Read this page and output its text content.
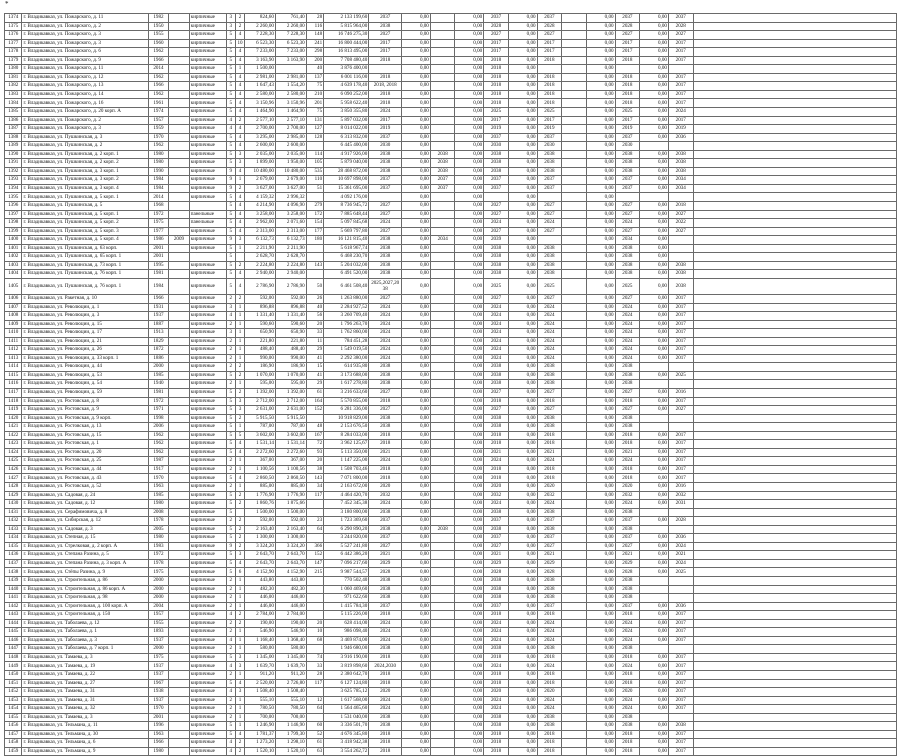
*
1374	г. Владикавказ, ул. Пожарского, д. 11	1982		кирпичные	3	2	824,60	761,40	28	2 133 199,60	2037	0,00		0,00	2037	0,00	2037		0,00	2037	0,00	2037	
1375	г. Владикавказ, ул. Пожарского, д. 2	1950		кирпичные	3	2	2 260,00	2 260,00	116	5 815 964,00	2038	0,00		0,00	2028	0,00	2028		0,00	2028	0,00	2028	
1376	г. Владикавказ, ул. Пожарского, д. 3	1955		кирпичные	5	4	7 228,30	7 228,30	148	16 746 275,30	2027	0,00		0,00	2027	0,00	2027		0,00	2027	0,00	2027	
1377	г. Владикавказ, ул. Пожарского, д. 3	1960		кирпичные	5	10	6 523,30	6 523,30	241	16 800 444,00	2017	0,00		0,00	2017	0,00	2017		0,00	2017	0,00	2017	
1378	г. Владикавказ, ул. Пожарского, д. 6	1962		кирпичные	5	4	7 233,00	7 233,00	298	16 813 495,00	2017	0,00		0,00	2017	0,00	2017		0,00	2017	0,00	2017	
1379	г. Владикавказ, ул. Пожарского, д. 9	1966		кирпичные	5	4	3 163,90	3 163,90	200	7 708 480,40	2018	0,00		0,00	2018	0,00	2018		0,00	2018	0,00	2017	
1380	г. Владикавказ, ул. Пожарского, д. 11	2014		кирпичные	5	1	1 500,00		40	3 876 400,00		0,00		0,00	2018	0,00			0,00		0,00		
1381	г. Владикавказ, ул. Пожарского, д. 12	1962		кирпичные	5	4	2 981,00	2 981,00	137	6 001 116,00	2018	0,00		0,00	2018	0,00	2018		0,00	2018	0,00	2017	
1382	г. Владикавказ, ул. Пожарского, д. 13	1966		кирпичные	5	4	1 647,43	1 554,20	75	4 639 178,40	2018, 2018	0,00		0,00	2018	0,00	2018		0,00	2018	0,00	2017	
1383	г. Владикавказ, ул. Пожарского, д. 14	1962		кирпичные	5	4	2 580,00	2 580,00	210	6 090 252,00	2018	0,00		0,00	2018	0,00	2018		0,00	2018	0,00	2017	
1384	г. Владикавказ, ул. Пожарского, д. 16	1961		кирпичные	5	4	3 150,96	3 150,96	201	5 958 622,40	2018	0,00		0,00	2018	0,00	2018		0,00	2018	0,00	2017	
1385	г. Владикавказ, ул. Пожарского, д. 20 корп. А	1974		кирпичные	5	4	1 464,90	1 464,90	75	3 850 355,80	2024	0,00		0,00	2025	0,00	2025		0,00	2025	0,00	2024	
1386	г. Владикавказ, ул. Пожарского, д. 2	1957		кирпичные	4	2	2 577,10	2 577,10	131	5 897 032,00	2017	0,00		0,00	2017	0,00	2017		0,00	2017	0,00	2017	
1387	г. Владикавказ, ул. Пожарского, д. 3	1959		кирпичные	4	4	2 700,00	2 700,00	127	8 014 022,00	2019	0,00		0,00	2019	0,00	2019		0,00	2019	0,00	2019	
1388	г. Владикавказ, ул. Пушкинская, д. 3	1970		кирпичные	5	4	3 295,00	2 985,00	128	6 313 832,00	2037	0,00		0,00	2037	0,00	2037		0,00	2037	0,00	2036	
1389	г. Владикавказ, ул. Пушкинская, д. 2	1962		кирпичные	5	4	2 600,00	2 600,00		6 445 400,00	2030	0,00		0,00	2030	0,00	2030		0,00	2030			
1390	г. Владикавказ, ул. Пушкинская, д. 2 корп. 1	1980		кирпичные	5	3	2 035,00	2 035,00	114	4 917 926,00	2038	0,00	2038	0,00	2038	0,00	2038		0,00	2038	0,00	2038	
1391	г. Владикавказ, ул. Пушкинская, д. 2 корп. 2	1980		кирпичные	5	3	1 899,00	1 950,00	105	5 879 040,00	2038	0,00	2038	0,00	2038	0,00	2038		0,00	2038	0,00	2038	
1392	г. Владикавказ, ул. Пушкинская, д. 3 корп. 1	1990		кирпичные	9	4	10 480,00	10 480,00	535	28 468 872,00	2038	0,00	2038	0,00	2038	0,00	2038		0,00	2038	0,00	2038	
1393	г. Владикавказ, ул. Пушкинская, д. 3 корп. 2	1984		кирпичные	9	1	2 679,00	2 679,00	110	10 697 898,00	2037	0,00	2037	0,00	2037	0,00	2037		0,00	2037	0,00	2034	
1394	г. Владикавказ, ул. Пушкинская, д. 3 корп. 4	1984		кирпичные	9	2	3 627,00	3 627,00	51	15 361 695,00	2037	0,00	2037	0,00	2037	0,00	2037		0,00	2037	0,00	2034	
1395	г. Владикавказ, ул. Пушкинская, д. 5 корп. 1	2014		кирпичные	5	4	4 159,32	2 996,32		4 092 176,00		0,00		0,00		0,00			0,00				
1396	г. Владикавказ, ул. Пушкинская, д. 5	1968			5	4	4 214,90	4 096,90	279	8 736 945,72	2027	0,00		0,00	2027	0,00	2027		0,00	2027	0,00	2018	
1397	г. Владикавказ, ул. Пушкинская, д. 5 корп. 1	1972		панельные	5	4	3 258,00	3 258,00	172	7 885 648,44	2027	0,00		0,00	2027	0,00	2027		0,00	2027	0,00	2027	
1398	г. Владикавказ, ул. Пушкинская, д. 5 корп. 2	1975		панельные	5	4	2 962,00	2 071,60	154	5 097 845,68	2024	0,00		0,00	2024	0,00	2024		0,00	2024	0,00	2022	
1399	г. Владикавказ, ул. Пушкинская, д. 5 корп. 3	1977		кирпичные	5	4	2 313,00	2 313,00	177	5 669 797,80	2027	0,00		0,00	2027	0,00	2027		0,00	2027	0,00	2027	
1400	г. Владикавказ, ул. Пушкинская, д. 5 корп. 4	1986	2009	кирпичные	9	3	6 132,73	6 132,73	180	16 121 815,40	2038	0,00	2034	0,00	2039	0,00			0,00	2034	0,00		
1401	г. Владикавказ, ул. Пушкинская, д. 63 корп.	2001		кирпичные	5	1	2 211,90	2 211,90		5 618 967,74	2038	0,00		0,00	2038	0,00	2038		0,00	2038	0,00		
1402	г. Владикавказ, ул. Пушкинская, д. 65 корп. 1	2001			5		2 628,70	2 628,70		6 468 230,70	2038	0,00		0,00	2038	0,00	2038		0,00	2038	0,00		
1403	г. Владикавказ, ул. Пушкинская, д. 73 корп. 1	1995		кирпичные	5	2	2 224,80	2 224,80	143	5 204 032,00	2038	0,00		0,00	2038	0,00	2038		0,00	2038	0,00	2038	
1404	г. Владикавказ, ул. Пушкинская, д. 76 корп. 1	1981		кирпичные	5	4	2 940,00	2 940,00		6 491 520,00	2038	0,00		0,00	2038	0,00	2038		0,00	2038	0,00	2038	
1405	г. Владикавказ, ул. Пушкинская, д. 76 корп. 1	1984		кирпичные	5	4	2 786,90	2 786,90	50	6 461 508,40	2025,2027,20 38	0,00		0,00	2025	0,00	2025		0,00	2025	0,00	2038	
1406	г. Владикавказ, ул. Ракетная, д. 10	1966		кирпичные	2	2	592,00	592,00	26	1 263 880,00	2027	0,00		0,00	2027	0,00	2027		0,00	2027	0,00	2017	
1407	г. Владикавказ, ул. Революции, д. 1	1931		кирпичные	3	1	896,88	896,88	40	2 284 927,52	2024	0,00		0,00	2024	0,00	2024		0,00	2024	0,00	2017	
1408	г. Владикавказ, ул. Революции, д. 3	1937		кирпичные	4	1	1 331,40	1 331,40	56	3 260 709,40	2024	0,00		0,00	2024	0,00	2024		0,00	2024	0,00	2017	
1409	г. Владикавказ, ул. Революции, д. 15	1887		кирпичные	2	1	590,60	590,60	20	1 796 263,70	2024	0,00		0,00	2024	0,00	2024		0,00	2024	0,00	2017	
1410	г. Владикавказ, ул. Революции, д. 17	1913		кирпичные	3	1	650,90	650,90	33	1 762 860,00	2024	0,00		0,00	2024	0,00	2024		0,00	2024	0,00	2017	
1411	г. Владикавказ, ул. Революции, д. 21	1829		кирпичные	2	1	221,80	221,80	11	784 451,28	2024	0,00		0,00	2024	0,00	2024		0,00	2024	0,00	2017	
1412	г. Владикавказ, ул. Революции, д. 26	1872		кирпичные	2	1	488,40	488,40	29	1 549 019,50	2024	0,00		0,00	2024	0,00	2024		0,00	2024	0,00	2017	
1413	г. Владикавказ, ул. Революции, д. 33 корп. 1	1886		кирпичные	2	1	990,00	990,00	41	2 292 380,00	2024	0,00		0,00	2024	0,00	2024		0,00	2024	0,00	2017	
1414	г. Владикавказ, ул. Революции, д. 44	2000		кирпичные	2	2	186,90	186,90	15	614 935,80	2038	0,00		0,00	2038	0,00	2038		0,00	2038			
1415	г. Владикавказ, ул. Революции, д. 53	1985		кирпичные	5	2	1 070,00	1 070,00	41	3 173 688,00	2038	0,00		0,00	2038	0,00	2038		0,00	2038	0,00	2025	
1416	г. Владикавказ, ул. Революции, д. 54	1940		кирпичные	2	1	595,00	595,00	29	1 617 278,80	2038	0,00		0,00	2038	0,00	2038		0,00	2038			
1417	г. Владикавказ, ул. Революции, д. 59	1981		кирпичные	5	2	1 392,00	1 392,00	61	3 216 633,60	2027	0,00		0,00	2027	0,00	2027		0,00	2027	0,00	2016	
1418	г. Владикавказ, ул. Ростовская, д. 8	1972		кирпичные	5	3	2 712,00	2 712,00	164	5 570 855,00	2018	0,00		0,00	2018	0,00	2018		0,00	2018	0,00	2017	
1419	г. Владикавказ, ул. Ростовская, д. 9	1971		кирпичные	5	3	2 631,00	2 631,00	152	6 281 336,00	2027	0,00		0,00	2027	0,00	2027		0,00	2027	0,00	2027	
1420	г. Владикавказ, ул. Ростовская, д. 9 корп.	1998		кирпичные	5	2	5 915,50	5 915,50		10 918 829,00	2038	0,00		0,00	2038	0,00	2038		0,00	2038			
1421	г. Владикавказ, ул. Ростовская, д. 13	2006		кирпичные	5	1	787,00	787,00	48	2 153 676,50	2038	0,00		0,00	2038	0,00	2038		0,00	2038			
1422	г. Владикавказ, ул. Ростовская, д. 15	1962		кирпичные	5	5	3 602,00	3 602,00	167	8 284 033,00	2018	0,00		0,00	2018	0,00	2018		0,00	2018	0,00	2017	
1423	г. Владикавказ, ул. Ростовская, д. 1	1962		кирпичные	5	4	1 531,14	1 531,14	72	3 962 125,67	2018	0,00		0,00	2018	0,00	2018		0,00	2018	0,00	2017	
1424	г. Владикавказ, ул. Ростовская, д. 20	1962		кирпичные	5	4	2 272,60	2 272,60	93	5 113 350,00	2021	0,00		0,00	2021	0,00	2021		0,00	2021	0,00	2017	
1425	г. Владикавказ, ул. Ростовская, д. 25	1987		кирпичные	2	1	367,00	367,00	20	1 147 225,00	2024	0,00		0,00	2024	0,00	2024		0,00	2024	0,00	2017	
1426	г. Владикавказ, ул. Ростовская, д. 44	1917		кирпичные	2	1	1 100,56	1 100,56	38	1 508 703,46	2018	0,00		0,00	2018	0,00	2018		0,00	2018	0,00	2017	
1427	г. Владикавказ, ул. Ростовская, д. 43	1970		кирпичные	5	4	2 860,50	2 860,50	143	7 071 800,00	2018	0,00		0,00	2018	0,00	2018		0,00	2018	0,00	2017	
1428	г. Владикавказ, ул. Ростовская, д. 52	1963		кирпичные	2	1	885,00	885,00	34	2 163 672,00	2020	0,00		0,00	2020	0,00	2020		0,00	2020	0,00	2016	
1429	г. Владикавказ, ул. Садовая, д. 24	1985		кирпичные	5	2	1 776,90	1 776,90	117	4 464 420,70	2032	0,00		0,00	2032	0,00	2032		0,00	2032	0,00	2032	
1430	г. Владикавказ, ул. Садовая, д. 12	1980		кирпичные	5	2	1 860,76	1 875,66		7 452 345,38	2024	0,00		0,00	2024	0,00	2024		0,00	2024	0,00	2031	
1431	г. Владикавказ, ул. Серафимовича, д. 8	2008		кирпичные	5		1 500,00	1 500,00		3 180 800,00	2038	0,00		0,00	2038	0,00	2038		0,00	2038			
1432	г. Владикавказ, ул. Сибирская, д. 12	1978		кирпичные	2	2	592,00	592,00	23	1 723 369,60	2037	0,00		0,00	2037	0,00	2037		0,00	2037	0,00	2028	
1433	г. Владикавказ, ул. Садовая, д. 3	2005		кирпичные	5	2	2 163,40	2 163,40	64	6 290 890,20	2038	0,00	2038	0,00	2038	0,00	2038		0,00	2038			
1434	г. Владикавказ, ул. Степная, д. 15	1980		кирпичные	5	2	1 300,00	1 300,00		3 244 820,00	2037	0,00		0,00	2037	0,00	2037		0,00	2037	0,00	2036	
1435	г. Владикавказ, ул. Стрелковая, д. 2 корп. А	1983		кирпичные	9	2	3 324,20	3 324,20	366	5 527 241,80	2027	0,00		0,00	2027	0,00	2027		0,00	2027	0,00	2024	
1436	г. Владикавказ, ул. Степана Разина, д. 5	1972		кирпичные	5	3	2 643,70	2 643,70	152	6 442 386,20	2021	0,00		0,00	2021	0,00	2021		0,00	2021	0,00	2021	
1437	г. Владикавказ, ул. Степана Разина, д. 3 корп. А	1978		кирпичные	5	4	2 643,70	2 643,70	147	7 096 217,60	2029	0,00		0,00	2029	0,00	2029		0,00	2029	0,00	2024	
1438	г. Владикавказ, ул. Стёпы Разина, д. 9	1975		кирпичные	5	6	4 152,90	4 152,90	215	9 987 544,57	2028	0,00		0,00	2028	0,00	2028		0,00	2028	0,00	2025	
1439	г. Владикавказ, ул. Строительная, д. 86	2000		кирпичные	2	1	443,80	443,80		770 502,40	2038	0,00		0,00	2038	0,00	2038		0,00	2038			
1440	г. Владикавказ, ул. Строительная, д. 86 корп. А	2000		кирпичные	2	1	482,30	482,30		1 060 469,60	2038	0,00		0,00	2038	0,00	2038		0,00	2038			
1441	г. Владикавказ, ул. Строительная, д. 98	2000		кирпичные	2	1	446,00	446,00		971 622,60	2038	0,00		0,00	2038	0,00	2038		0,00	2038			
1442	г. Владикавказ, ул. Строительная, д. 100 корп. А	2004		кирпичные	2	1	446,00	446,00		1 415 784,30	2037	0,00		0,00	2037	0,00	2037		0,00	2037	0,00	2036	
1443	г. Владикавказ, ул. Строительная, д. 150	1957		кирпичные	4	2	2 784,00	2 784,00		5 115 226,00	2018	0,00		0,00	2018	0,00	2018		0,00	2018	0,00	2017	
1444	г. Владикавказ, ул. Таболаева, д. 12	1955		кирпичные	2	2	190,00	190,00	20	628 414,00	2024	0,00		0,00	2024	0,00	2024		0,00	2024	0,00	2017	
1445	г. Владикавказ, ул. Таболаева, д. 1	1893		кирпичные	2	1	546,90	546,90	10	986 098,40	2024	0,00		0,00	2024	0,00	2024		0,00	2024	0,00	2017	
1446	г. Владикавказ, ул. Таболаева, д. 3	1937		кирпичные	4	1	1 168,40	1 368,40	68	3 469 874,00	2024	0,00		0,00	2024	0,00	2024		0,00	2024	0,00	2017	
1447	г. Владикавказ, ул. Таболаева, д. 7 корп. 1	2000		кирпичные	2	1	580,00	580,00		1 946 680,00	2038	0,00		0,00	2038	0,00	2038		0,00	2038			
1448	г. Владикавказ, ул. Тамаева, д. 3	1975		кирпичные	5	3	1 345,00	1 345,00	74	3 916 190,00	2018	0,00		0,00	2018	0,00	2018		0,00	2018	0,00	2017	
1449	г. Владикавказ, ул. Тамаева, д. 19	1937		кирпичные	4	3	1 639,70	1 639,70	33	3 819 898,60	2024,2030	0,00		0,00	2024	0,00	2024		0,00	2024	0,00	2017	
1450	г. Владикавказ, ул. Тамаева, д. 22	1937		кирпичные	2	1	911,20	911,20	28	2 380 642,70	2018	0,00		0,00	2018	0,00	2018		0,00	2018	0,00	2017	
1451	г. Владикавказ, ул. Тамаева, д. 27	1967		кирпичные	5	4	2 520,00	2 726,80	117	6 127 124,80	2018	0,00		0,00	2018	0,00	2018		0,00	2018	0,00	2017	
1452	г. Владикавказ, ул. Тамаева, д. 31	1938		кирпичные	4	3	1 508,40	1 508,40		3 625 785,12	2020	0,00		0,00	2020	0,00	2020		0,00	2020	0,00	2017	
1453	г. Владикавказ, ул. Тамаева, д. 31	1937		кирпичные	2	1	555,10	555,10	12	1 617 568,00	2024	0,00		0,00	2024	0,00	2024		0,00	2024	0,00	2017	
1454	г. Владикавказ, ул. Тамаева, д. 32	1970		кирпичные	2	1	780,50	780,50	64	1 564 465,60	2024	0,00		0,00	2024	0,00	2024		0,00	2024	0,00	2017	
1455	г. Владикавказ, ул. Тамаева, д. 3	2001		кирпичные	2	1	700,00	700,00		1 531 040,00	2038	0,00		0,00	2038	0,00	2038		0,00	2038			
1456	г. Владикавказ, ул. Тельмана, д. 11	1996		кирпичные	5	1	1 246,90	1 146,90	60	3 336 501,70	2038	0,00		0,00	2038	0,00	2038		0,00	2038	0,00	2038	
1457	г. Владикавказ, ул. Тельмана, д. 30	1963		кирпичные	5	4	1 781,37	1 799,30	52	4 676 345,80	2018	0,00		0,00	2018	0,00	2018		0,00	2018	0,00	2017	
1458	г. Владикавказ, ул. Тельмана, д. 6	1966		кирпичные	4	2	1 273,20	1 298,10	61	3 418 942,38	2018	0,00		0,00	2018	0,00	2018		0,00	2018	0,00	2017	
1459	г. Владикавказ, ул. Тельмана, д. 9	1980		кирпичные	4	2	1 520,10	1 520,10	63	3 554 262,72	2018	0,00		0,00	2018	0,00	2018		0,00	2018	0,00	2017	
